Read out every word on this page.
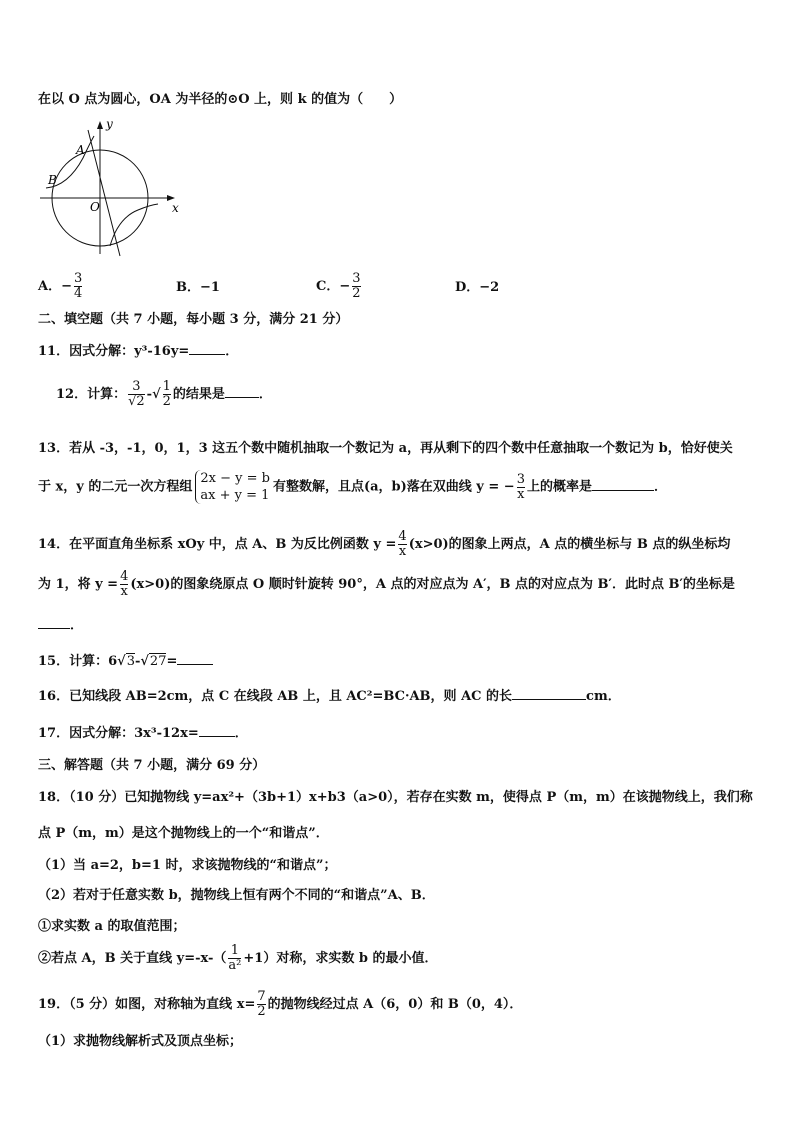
在以 O 点为圆心，OA 为半径的⊙O 上，则 k 的值为（　　）
y
x
O
A
B
A．− $\frac{3}{4}$	B．−1	C．− $\frac{3}{2}$	D．−2
二、填空题（共 7 小题，每小题 3 分，满分 21 分）
11．因式分解：y³-16y=	．
12．计算： $\frac{3}{√2}$ -√ $\frac{1}{2}$ 的结果是	．
13．若从 -3，-1，0，1，3 这五个数中随机抽取一个数记为 a，再从剩下的四个数中任意抽取一个数记为 b，恰好使关
于 x，y 的二元一次方程组
2x − y = b
ax + y = 1
有整数解，且点(a，b)落在双曲线 y = − $\frac{3}{x}$ 上的概率是	．
14．在平面直角坐标系 xOy 中，点 A、B 为反比例函数 $y = \frac{4}{x} (x>0)$的图象上两点，A 点的横坐标与 B 点的纵坐标均
为 1，将 $y = \frac{4}{x} (x>0)$的图象绕原点 O 顺时针旋转 90°，A 点的对应点为 A′，B 点的对应点为 B′．此时点 B′的坐标是
．
15．计算：6√3-√27=
16．已知线段 AB=2cm，点 C 在线段 AB 上，且 AC²=BC·AB，则 AC 的长	cm．
17．因式分解：3x³-12x=	．
三、解答题（共 7 小题，满分 69 分）
18．（10 分）已知抛物线 y=ax²+（3b+1）x+b3（a>0），若存在实数 m，使得点 P（m，m）在该抛物线上，我们称
点 P（m，m）是这个抛物线上的一个“和谐点”．
（1）当 a=2，b=1 时，求该抛物线的“和谐点”；
（2）若对于任意实数 b，抛物线上恒有两个不同的“和谐点”A、B．
①求实数 a 的取值范围；
②若点 A，B 关于直线 $y=-x-( \frac{1}{\text{a²}} +1)$对称，求实数 b 的最小值．
19．（5 分）如图，对称轴为直线 $x= \frac{7}{2}$ 的抛物线经过点 A（6，0）和 B（0，4）．
（1）求抛物线解析式及顶点坐标；
